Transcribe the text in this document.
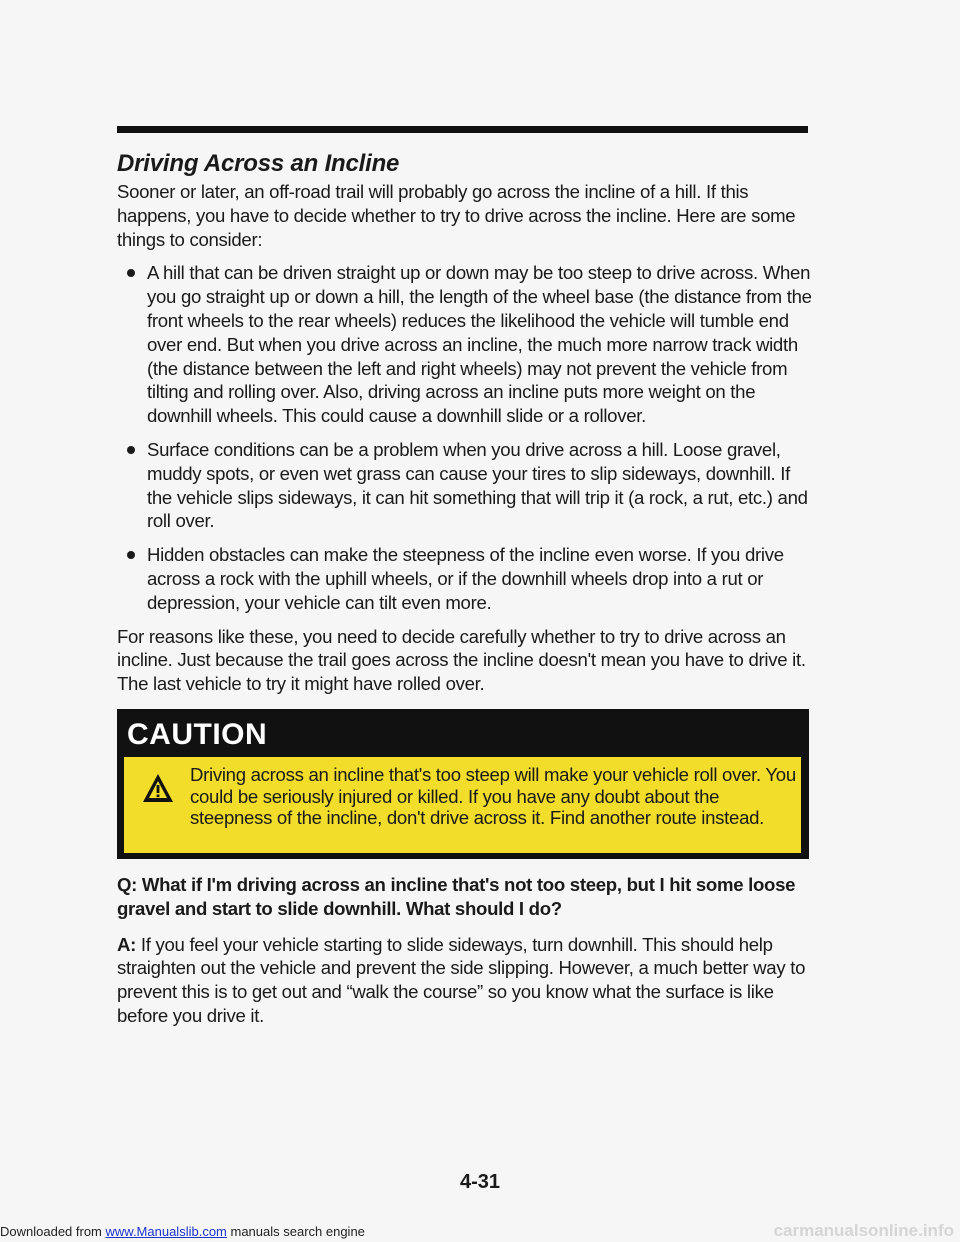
Driving Across an Incline

Sooner or later, an off-road trail will probably go across the incline of a hill. If this happens, you have to decide whether to try to drive across the incline. Here are some things to consider:

A hill that can be driven straight up or down may be too steep to drive across. When you go straight up or down a hill, the length of the wheel base (the distance from the front wheels to the rear wheels) reduces the likelihood the vehicle will tumble end over end. But when you drive across an incline, the much more narrow track width (the distance between the left and right wheels) may not prevent the vehicle from tilting and rolling over. Also, driving across an incline puts more weight on the downhill wheels. This could cause a downhill slide or a rollover.
Surface conditions can be a problem when you drive across a hill. Loose gravel, muddy spots, or even wet grass can cause your tires to slip sideways, downhill. If the vehicle slips sideways, it can hit something that will trip it (a rock, a rut, etc.) and roll over.
Hidden obstacles can make the steepness of the incline even worse. If you drive across a rock with the uphill wheels, or if the downhill wheels drop into a rut or depression, your vehicle can tilt even more.

For reasons like these, you need to decide carefully whether to try to drive across an incline. Just because the trail goes across the incline doesn't mean you have to drive it. The last vehicle to try it might have rolled over.

CAUTION

Driving across an incline that's too steep will make your vehicle roll over. You could be seriously injured or killed. If you have any doubt about the steepness of the incline, don't drive across it. Find another route instead.

Q: What if I'm driving across an incline that's not too steep, but I hit some loose gravel and start to slide downhill. What should I do?

A: If you feel your vehicle starting to slide sideways, turn downhill. This should help straighten out the vehicle and prevent the side slipping. However, a much better way to prevent this is to get out and “walk the course” so you know what the surface is like before you drive it.

4-31
Downloaded from www.Manualslib.com manuals search engine	carmanualsonline.info
